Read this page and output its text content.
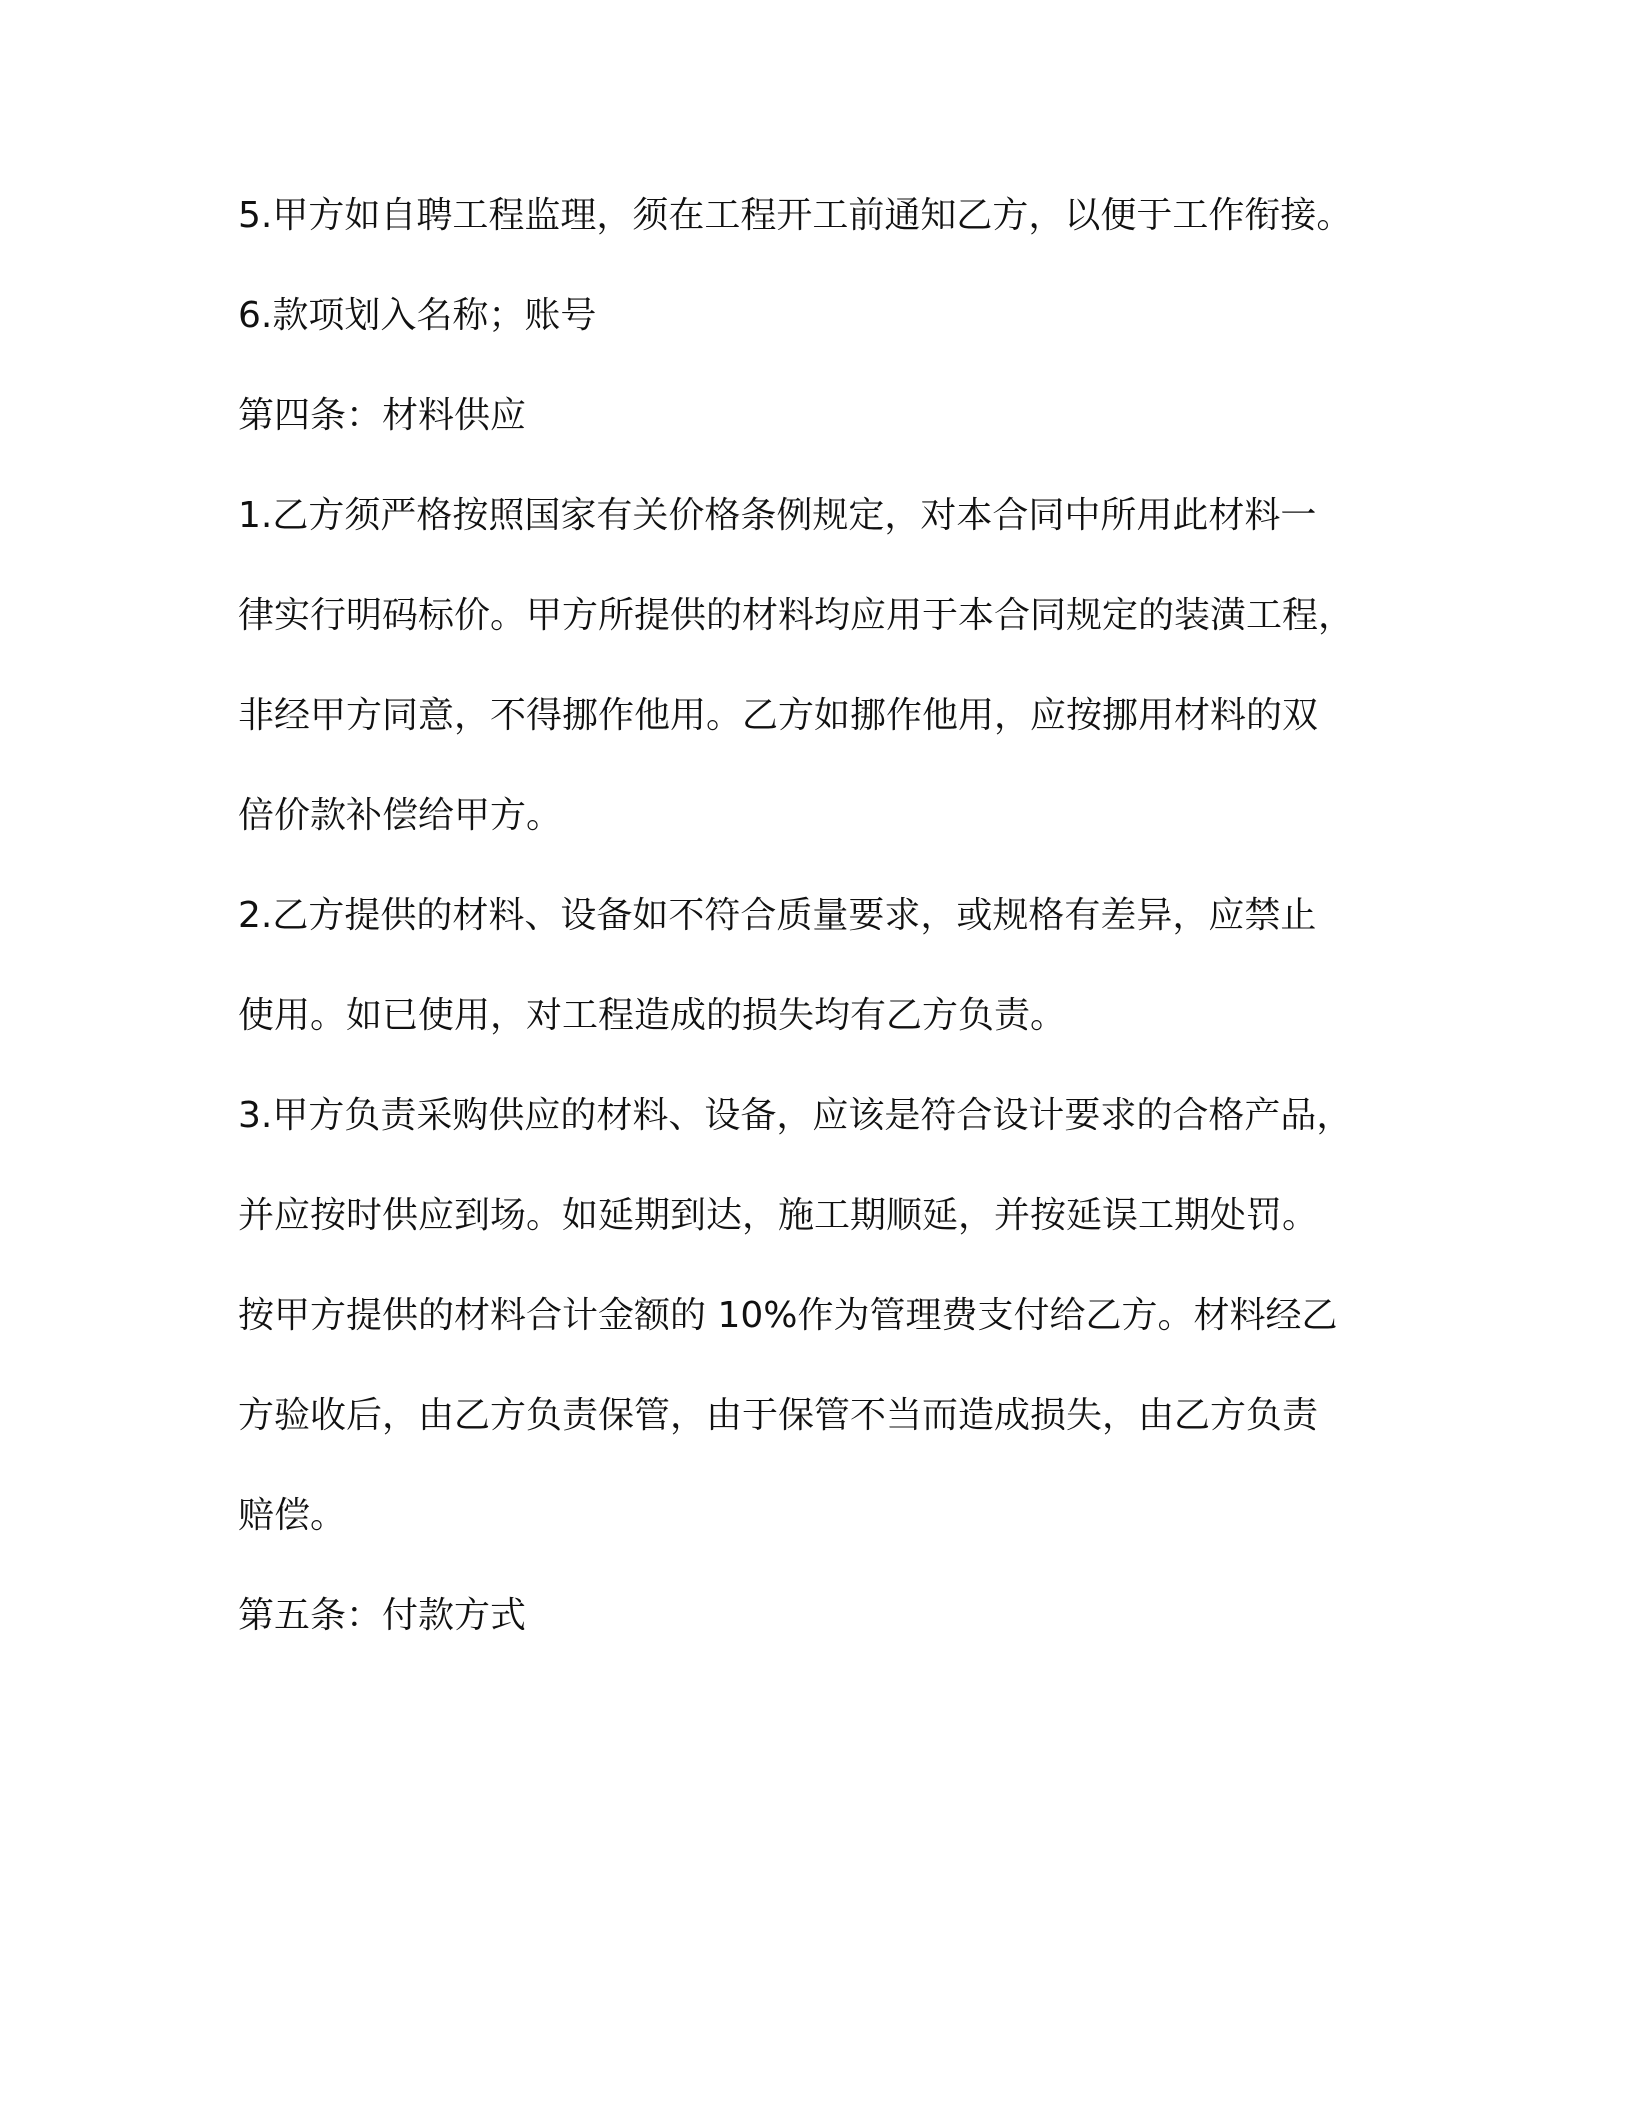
5.甲方如自聘工程监理，须在工程开工前通知乙方，以便于工作衔接。
6.款项划入名称；账号
第四条：材料供应
1.乙方须严格按照国家有关价格条例规定，对本合同中所用此材料一
律实行明码标价。甲方所提供的材料均应用于本合同规定的装潢工程，
非经甲方同意，不得挪作他用。乙方如挪作他用，应按挪用材料的双
倍价款补偿给甲方。
2.乙方提供的材料、设备如不符合质量要求，或规格有差异，应禁止
使用。如已使用，对工程造成的损失均有乙方负责。
3.甲方负责采购供应的材料、设备，应该是符合设计要求的合格产品，
并应按时供应到场。如延期到达，施工期顺延，并按延误工期处罚。
按甲方提供的材料合计金额的 10%作为管理费支付给乙方。材料经乙
方验收后，由乙方负责保管，由于保管不当而造成损失，由乙方负责
赔偿。
第五条：付款方式
